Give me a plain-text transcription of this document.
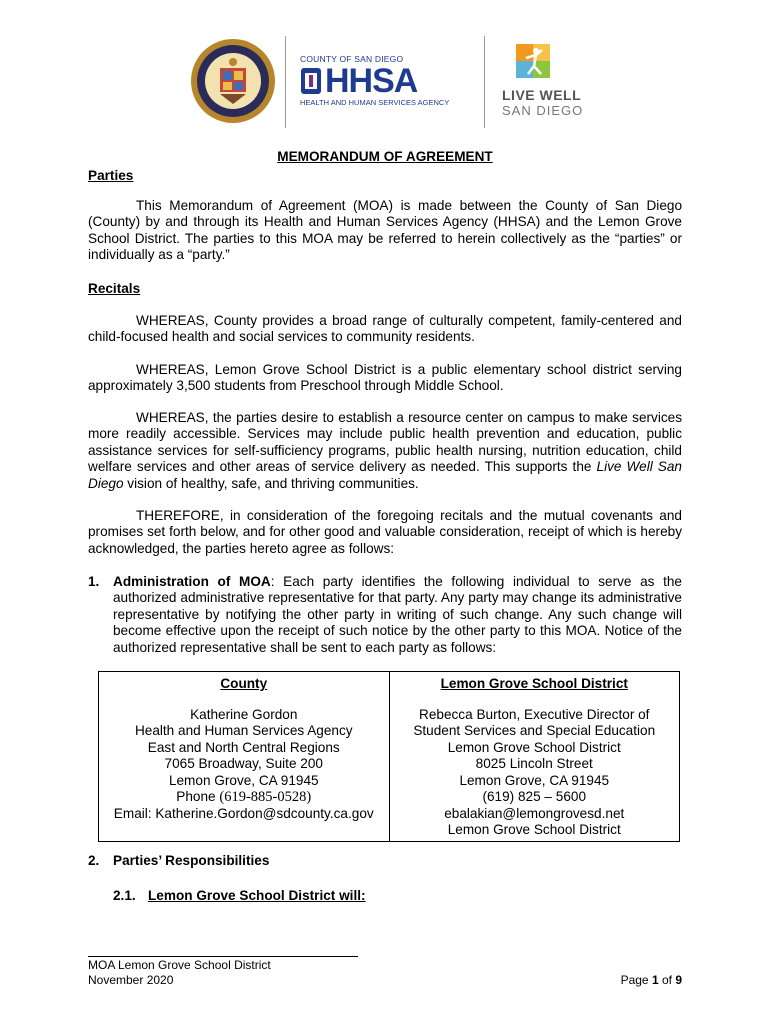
COUNTY OF SAN DIEGO
HHSA
HEALTH AND HUMAN SERVICES AGENCY	LIVE WELL
SAN DIEGO
MEMORANDUM OF AGREEMENT
Parties
This Memorandum of Agreement (MOA) is made between the County of San Diego (County) by and through its Health and Human Services Agency (HHSA) and the Lemon Grove School District. The parties to this MOA may be referred to herein collectively as the “parties” or individually as a “party.”
Recitals
WHEREAS, County provides a broad range of culturally competent, family-centered and child-focused health and social services to community residents.
WHEREAS, Lemon Grove School District is a public elementary school district serving approximately 3,500 students from Preschool through Middle School.
WHEREAS, the parties desire to establish a resource center on campus to make services more readily accessible. Services may include public health prevention and education, public assistance services for self-sufficiency programs, public health nursing, nutrition education, child welfare services and other areas of service delivery as needed. This supports the Live Well San Diego vision of healthy, safe, and thriving communities.
THEREFORE, in consideration of the foregoing recitals and the mutual covenants and promises set forth below, and for other good and valuable consideration, receipt of which is hereby acknowledged, the parties hereto agree as follows:
1. Administration of MOA: Each party identifies the following individual to serve as the authorized administrative representative for that party. Any party may change its administrative representative by notifying the other party in writing of such change. Any such change will become effective upon the receipt of such notice by the other party to this MOA. Notice of the authorized representative shall be sent to each party as follows:
County
Katherine Gordon
Health and Human Services Agency
East and North Central Regions
7065 Broadway, Suite 200
Lemon Grove, CA 91945
Phone (619-885-0528)
Email: Katherine.Gordon@sdcounty.ca.gov

Lemon Grove School District
Rebecca Burton, Executive Director of
Student Services and Special Education
Lemon Grove School District
8025 Lincoln Street
Lemon Grove, CA 91945
(619) 825 – 5600
ebalakian@lemongrovesd.net
Lemon Grove School District
2. Parties’ Responsibilities
2.1. Lemon Grove School District will:
MOA Lemon Grove School District
November 2020	Page 1 of 9
